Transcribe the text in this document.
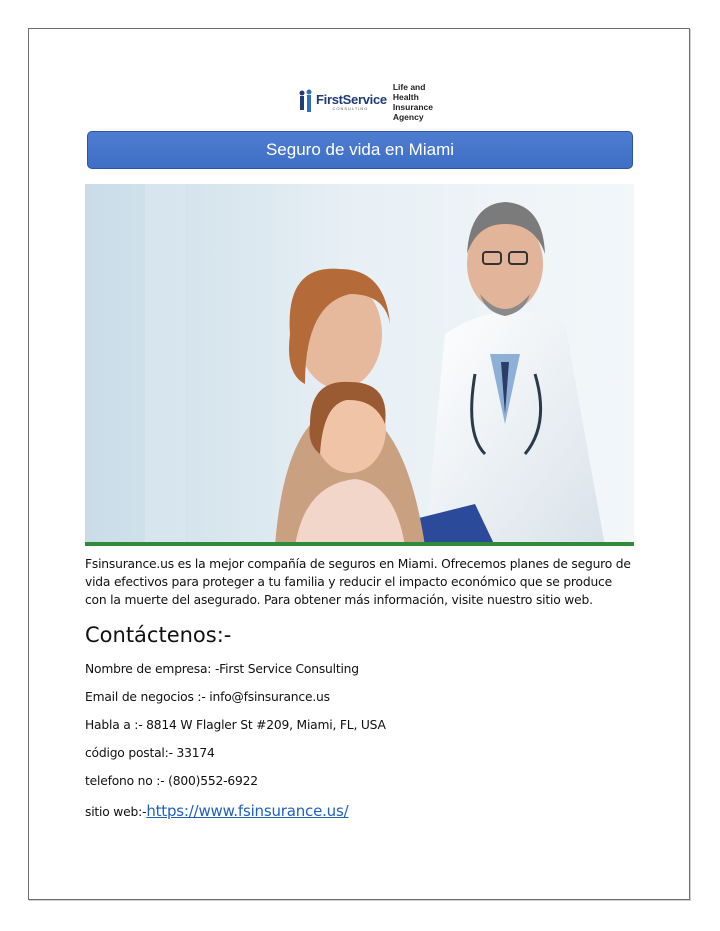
FirstService
CONSULTING
Life and Health
Insurance Agency
Seguro de vida en Miami
Fsinsurance.us es la mejor compañía de seguros en Miami. Ofrecemos planes de seguro de vida efectivos para proteger a tu familia y reducir el impacto económico que se produce con la muerte del asegurado. Para obtener más información, visite nuestro sitio web.
Contáctenos:-
Nombre de empresa: -First Service Consulting
Email de negocios :- info@fsinsurance.us
Habla a :- 8814 W Flagler St #209, Miami, FL, USA
código postal:- 33174
telefono no :- (800)552-6922
sitio web:-https://www.fsinsurance.us/
